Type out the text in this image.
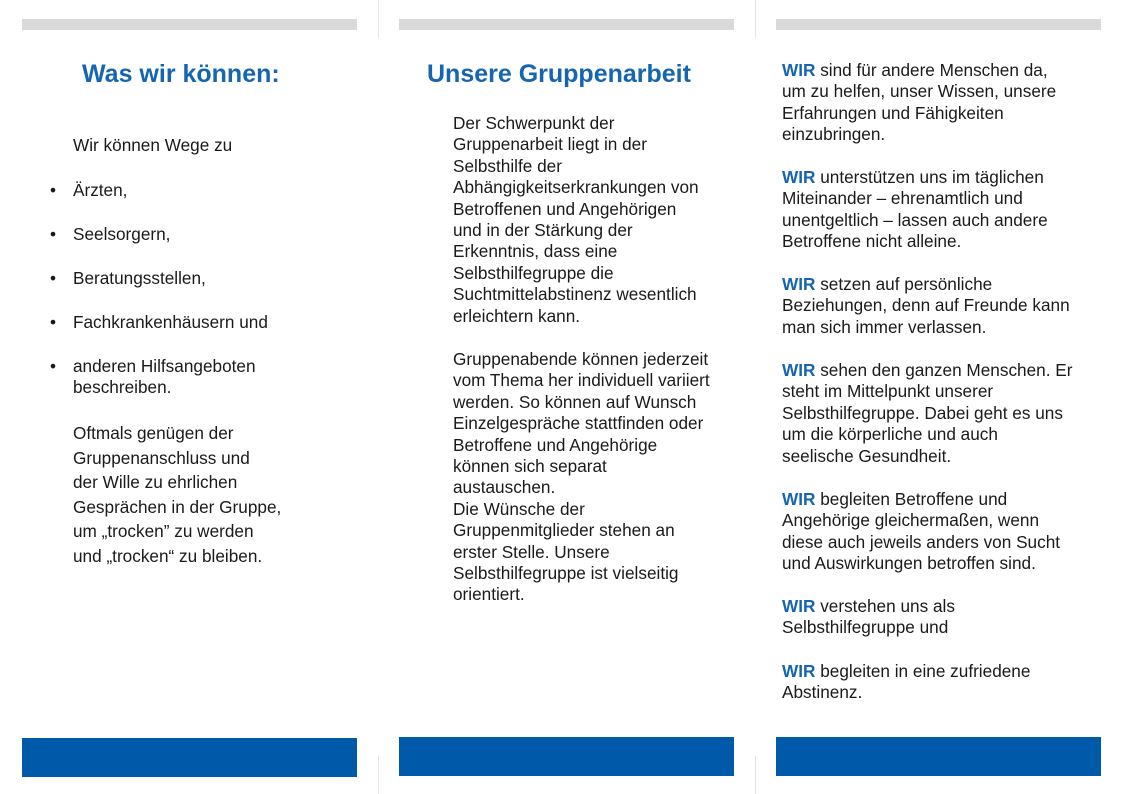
Was wir können:
Wir können Wege zu
• Ärzten,
• Seelsorgern,
• Beratungsstellen,
• Fachkrankenhäusern und
• anderen Hilfsangeboten
beschreiben.
Oftmals genügen der
Gruppenanschluss und
der Wille zu ehrlichen
Gesprächen in der Gruppe,
um „trocken” zu werden
und „trocken“ zu bleiben.
Unsere Gruppenarbeit
Der Schwerpunkt der
Gruppenarbeit liegt in der
Selbsthilfe der
Abhängigkeitserkrankungen von
Betroffenen und Angehörigen
und in der Stärkung der
Erkenntnis, dass eine
Selbsthilfegruppe die
Suchtmittelabstinenz wesentlich
erleichtern kann.
Gruppenabende können jederzeit
vom Thema her individuell variiert
werden. So können auf Wunsch
Einzelgespräche stattfinden oder
Betroffene und Angehörige
können sich separat
austauschen.
Die Wünsche der
Gruppenmitglieder stehen an
erster Stelle. Unsere
Selbsthilfegruppe ist vielseitig
orientiert.
WIR sind für andere Menschen da,
um zu helfen, unser Wissen, unsere
Erfahrungen und Fähigkeiten
einzubringen.
WIR unterstützen uns im täglichen
Miteinander – ehrenamtlich und
unentgeltlich – lassen auch andere
Betroffene nicht alleine.
WIR setzen auf persönliche
Beziehungen, denn auf Freunde kann
man sich immer verlassen.
WIR sehen den ganzen Menschen. Er
steht im Mittelpunkt unserer
Selbsthilfegruppe. Dabei geht es uns
um die körperliche und auch
seelische Gesundheit.
WIR begleiten Betroffene und
Angehörige gleichermaßen, wenn
diese auch jeweils anders von Sucht
und Auswirkungen betroffen sind.
WIR verstehen uns als
Selbsthilfegruppe und
WIR begleiten in eine zufriedene
Abstinenz.
